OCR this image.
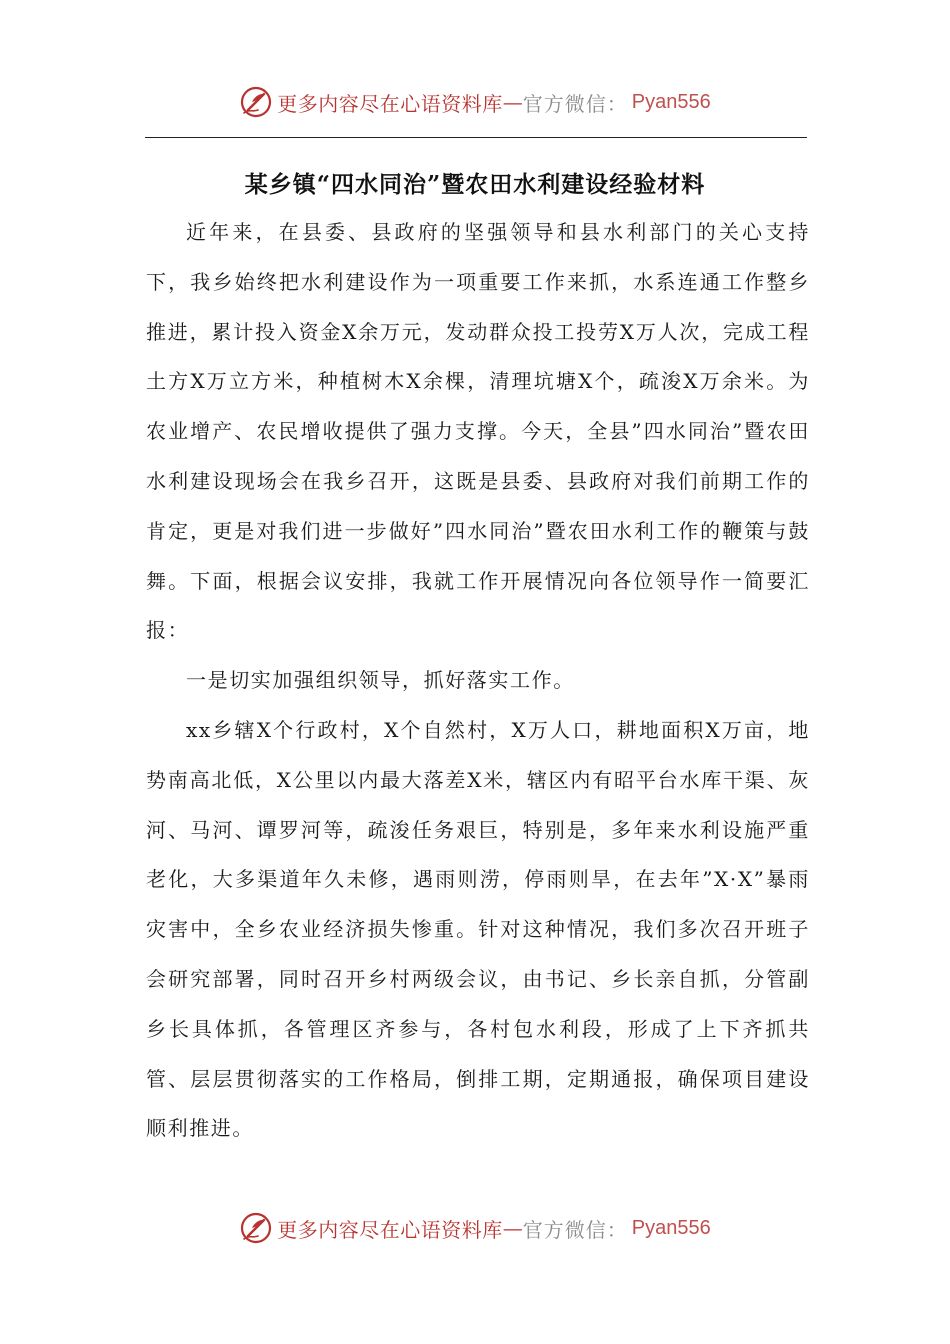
更多内容尽在心语资料库 — 官方微信： Pyan556
某乡镇“四水同治”暨农田水利建设经验材料

近年来，在县委、县政府的坚强领导和县水利部门的关心支持下，我乡始终把水利建设作为一项重要工作来抓，水系连通工作整乡推进，累计投入资金X余万元，发动群众投工投劳X万人次，完成工程土方X万立方米，种植树木X余棵，清理坑塘X个，疏浚X万余米。为农业增产、农民增收提供了强力支撑。今天，全县”四水同治”暨农田水利建设现场会在我乡召开，这既是县委、县政府对我们前期工作的肯定，更是对我们进一步做好”四水同治”暨农田水利工作的鞭策与鼓舞。下面，根据会议安排，我就工作开展情况向各位领导作一简要汇报：

一是切实加强组织领导，抓好落实工作。

xx乡辖X个行政村，X个自然村，X万人口，耕地面积X万亩，地势南高北低，X公里以内最大落差X米，辖区内有昭平台水库干渠、灰河、马河、谭罗河等，疏浚任务艰巨，特别是，多年来水利设施严重老化，大多渠道年久未修，遇雨则涝，停雨则旱，在去年”X·X”暴雨灾害中，全乡农业经济损失惨重。针对这种情况，我们多次召开班子会研究部署，同时召开乡村两级会议，由书记、乡长亲自抓，分管副乡长具体抓，各管理区齐参与，各村包水利段，形成了上下齐抓共管、层层贯彻落实的工作格局，倒排工期，定期通报，确保项目建设顺利推进。

更多内容尽在心语资料库 — 官方微信： Pyan556
